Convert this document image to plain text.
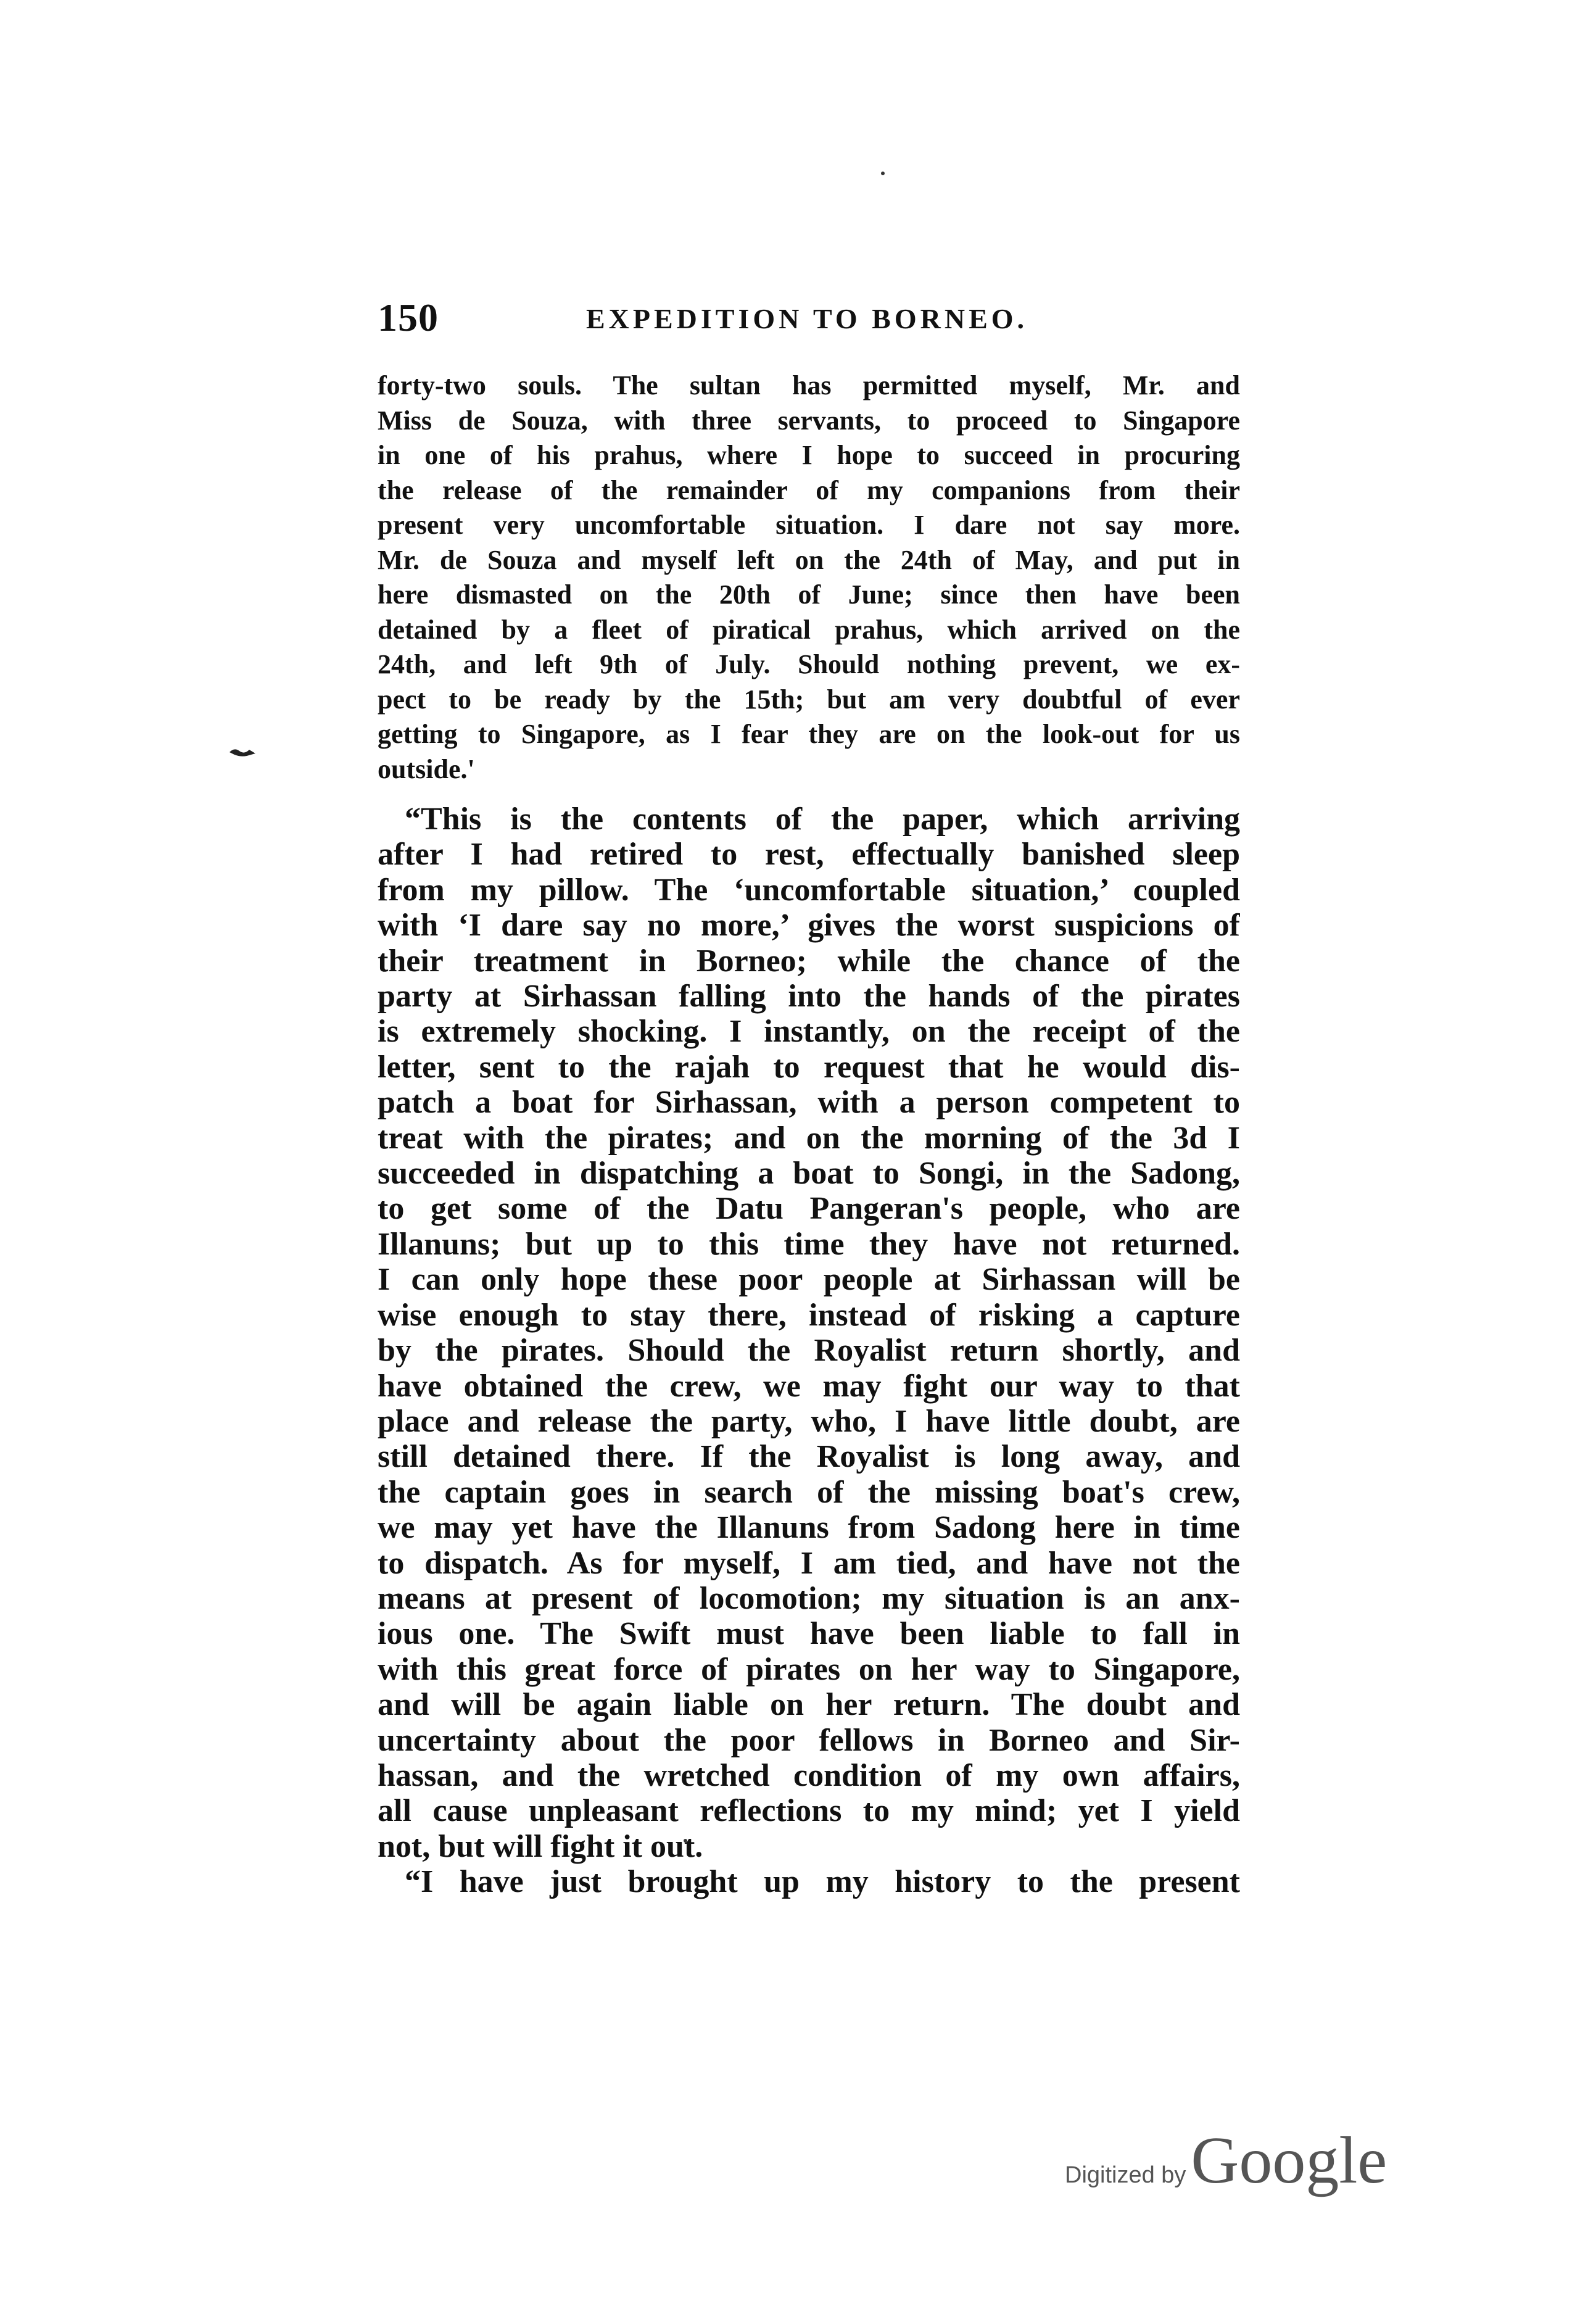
150	EXPEDITION TO BORNEO.
forty-two souls. The sultan has permitted myself, Mr. and
Miss de Souza, with three servants, to proceed to Singapore
in one of his prahus, where I hope to succeed in procuring
the release of the remainder of my companions from their
present very uncomfortable situation. I dare not say more.
Mr. de Souza and myself left on the 24th of May, and put in
here dismasted on the 20th of June; since then have been
detained by a fleet of piratical prahus, which arrived on the
24th, and left 9th of July. Should nothing prevent, we ex-
pect to be ready by the 15th; but am very doubtful of ever
getting to Singapore, as I fear they are on the look-out for us
outside.'
“This is the contents of the paper, which arriving
after I had retired to rest, effectually banished sleep
from my pillow. The ‘uncomfortable situation,’ coupled
with ‘I dare say no more,’ gives the worst suspicions of
their treatment in Borneo; while the chance of the
party at Sirhassan falling into the hands of the pirates
is extremely shocking. I instantly, on the receipt of the
letter, sent to the rajah to request that he would dis-
patch a boat for Sirhassan, with a person competent to
treat with the pirates; and on the morning of the 3d I
succeeded in dispatching a boat to Songi, in the Sadong,
to get some of the Datu Pangeran's people, who are
Illanuns; but up to this time they have not returned.
I can only hope these poor people at Sirhassan will be
wise enough to stay there, instead of risking a capture
by the pirates. Should the Royalist return shortly, and
have obtained the crew, we may fight our way to that
place and release the party, who, I have little doubt, are
still detained there. If the Royalist is long away, and
the captain goes in search of the missing boat's crew,
we may yet have the Illanuns from Sadong here in time
to dispatch. As for myself, I am tied, and have not the
means at present of locomotion; my situation is an anx-
ious one. The Swift must have been liable to fall in
with this great force of pirates on her way to Singapore,
and will be again liable on her return. The doubt and
uncertainty about the poor fellows in Borneo and Sir-
hassan, and the wretched condition of my own affairs,
all cause unpleasant reflections to my mind; yet I yield
not, but will fight it out.
“I have just brought up my history to the present
Digitized byGoogle
